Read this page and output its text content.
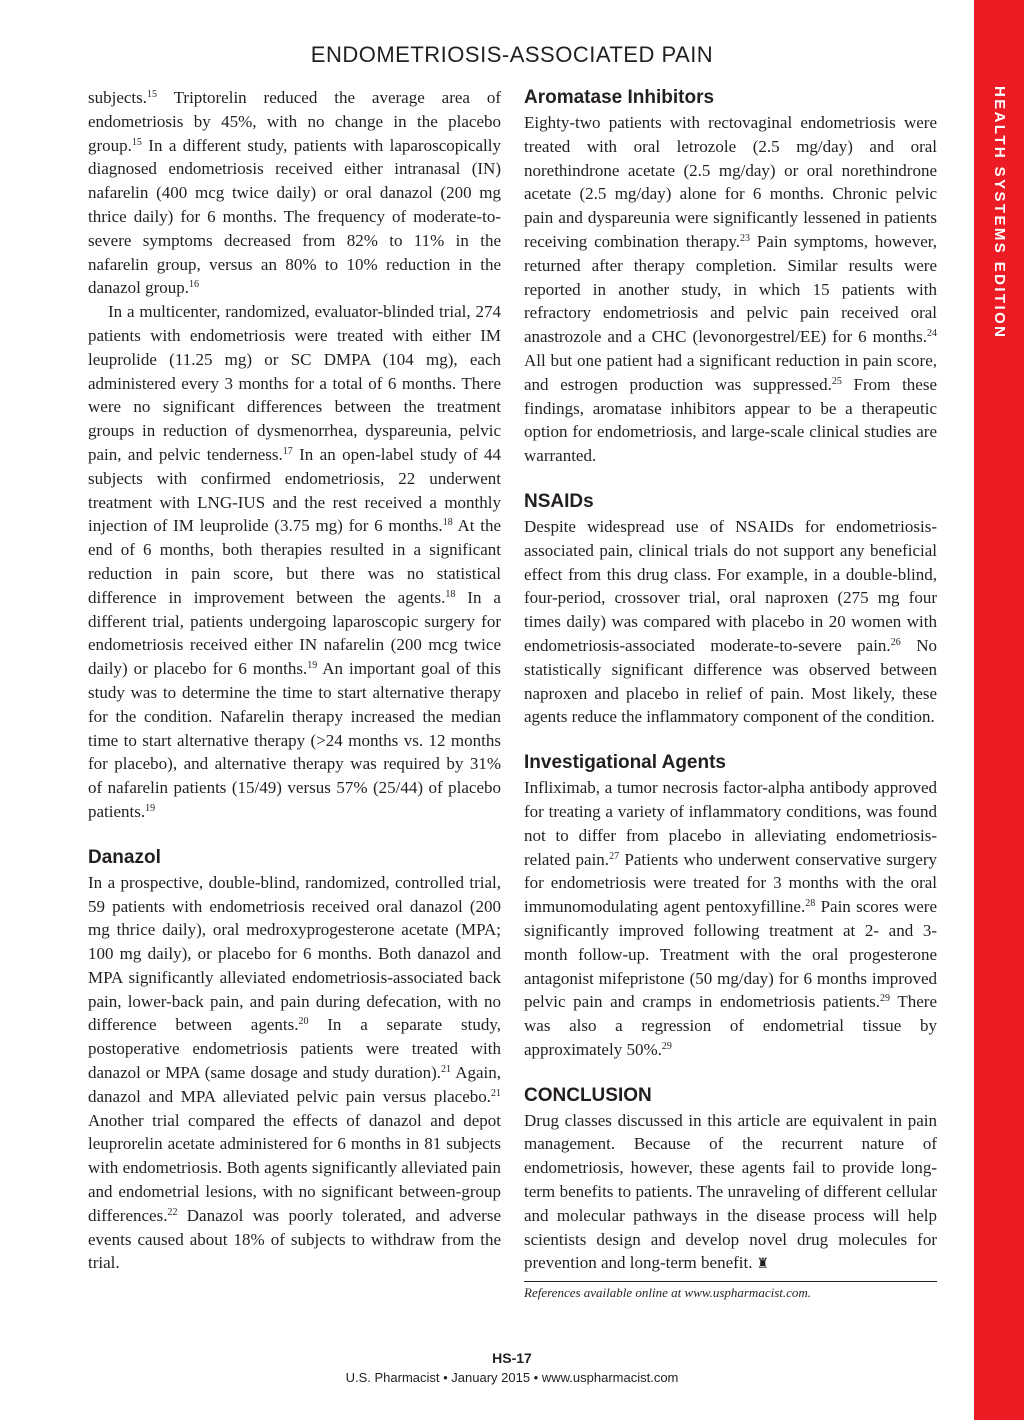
ENDOMETRIOSIS-ASSOCIATED PAIN
HEALTH SYSTEMS EDITION

subjects.$^{15}$ Triptorelin reduced the average area of endometriosis by 45%, with no change in the placebo group.$^{15}$ In a different study, patients with laparoscopically diagnosed endometriosis received either intranasal (IN) nafarelin (400 mcg twice daily) or oral danazol (200 mg thrice daily) for 6 months. The frequency of moderate-to-severe symptoms decreased from 82% to 11% in the nafarelin group, versus an 80% to 10% reduction in the danazol group.$^{16}$

In a multicenter, randomized, evaluator-blinded trial, 274 patients with endometriosis were treated with either IM leuprolide (11.25 mg) or SC DMPA (104 mg), each administered every 3 months for a total of 6 months. There were no significant differences between the treatment groups in reduction of dysmenorrhea, dyspareunia, pelvic pain, and pelvic tenderness.$^{17}$ In an open-label study of 44 subjects with confirmed endometriosis, 22 underwent treatment with LNG-IUS and the rest received a monthly injection of IM leuprolide (3.75 mg) for 6 months.$^{18}$ At the end of 6 months, both therapies resulted in a significant reduction in pain score, but there was no statistical difference in improvement between the agents.$^{18}$ In a different trial, patients undergoing laparoscopic surgery for endometriosis received either IN nafarelin (200 mcg twice daily) or placebo for 6 months.$^{19}$ An important goal of this study was to determine the time to start alternative therapy for the condition. Nafarelin therapy increased the median time to start alternative therapy (>24 months vs. 12 months for placebo), and alternative therapy was required by 31% of nafarelin patients (15/49) versus 57% (25/44) of placebo patients.$^{19}$

Danazol

In a prospective, double-blind, randomized, controlled trial, 59 patients with endometriosis received oral danazol (200 mg thrice daily), oral medroxyprogesterone acetate (MPA; 100 mg daily), or placebo for 6 months. Both danazol and MPA significantly alleviated endometriosis-associated back pain, lower-back pain, and pain during defecation, with no difference between agents.$^{20}$ In a separate study, postoperative endometriosis patients were treated with danazol or MPA (same dosage and study duration).$^{21}$ Again, danazol and MPA alleviated pelvic pain versus placebo.$^{21}$ Another trial compared the effects of danazol and depot leuprorelin acetate administered for 6 months in 81 subjects with endometriosis. Both agents significantly alleviated pain and endometrial lesions, with no significant between-group differences.$^{22}$ Danazol was poorly tolerated, and adverse events caused about 18% of subjects to withdraw from the trial.

Aromatase Inhibitors

Eighty-two patients with rectovaginal endometriosis were treated with oral letrozole (2.5 mg/day) and oral norethindrone acetate (2.5 mg/day) or oral norethindrone acetate (2.5 mg/day) alone for 6 months. Chronic pelvic pain and dyspareunia were significantly lessened in patients receiving combination therapy.$^{23}$ Pain symptoms, however, returned after therapy completion. Similar results were reported in another study, in which 15 patients with refractory endometriosis and pelvic pain received oral anastrozole and a CHC (levonorgestrel/EE) for 6 months.$^{24}$ All but one patient had a significant reduction in pain score, and estrogen production was suppressed.$^{25}$ From these findings, aromatase inhibitors appear to be a therapeutic option for endometriosis, and large-scale clinical studies are warranted.

NSAIDs

Despite widespread use of NSAIDs for endometriosis-associated pain, clinical trials do not support any beneficial effect from this drug class. For example, in a double-blind, four-period, crossover trial, oral naproxen (275 mg four times daily) was compared with placebo in 20 women with endometriosis-associated moderate-to-severe pain.$^{26}$ No statistically significant difference was observed between naproxen and placebo in relief of pain. Most likely, these agents reduce the inflammatory component of the condition.

Investigational Agents

Infliximab, a tumor necrosis factor-alpha antibody approved for treating a variety of inflammatory conditions, was found not to differ from placebo in alleviating endometriosis-related pain.$^{27}$ Patients who underwent conservative surgery for endometriosis were treated for 3 months with the oral immunomodulating agent pentoxyfilline.$^{28}$ Pain scores were significantly improved following treatment at 2- and 3-month follow-up. Treatment with the oral progesterone antagonist mifepristone (50 mg/day) for 6 months improved pelvic pain and cramps in endometriosis patients.$^{29}$ There was also a regression of endometrial tissue by approximately 50%.$^{29}$

CONCLUSION

Drug classes discussed in this article are equivalent in pain management. Because of the recurrent nature of endometriosis, however, these agents fail to provide long-term benefits to patients. The unraveling of different cellular and molecular pathways in the disease process will help scientists design and develop novel drug molecules for prevention and long-term benefit. ♜

References available online at www.uspharmacist.com.
HS-17
U.S. Pharmacist • January 2015 • www.uspharmacist.com
